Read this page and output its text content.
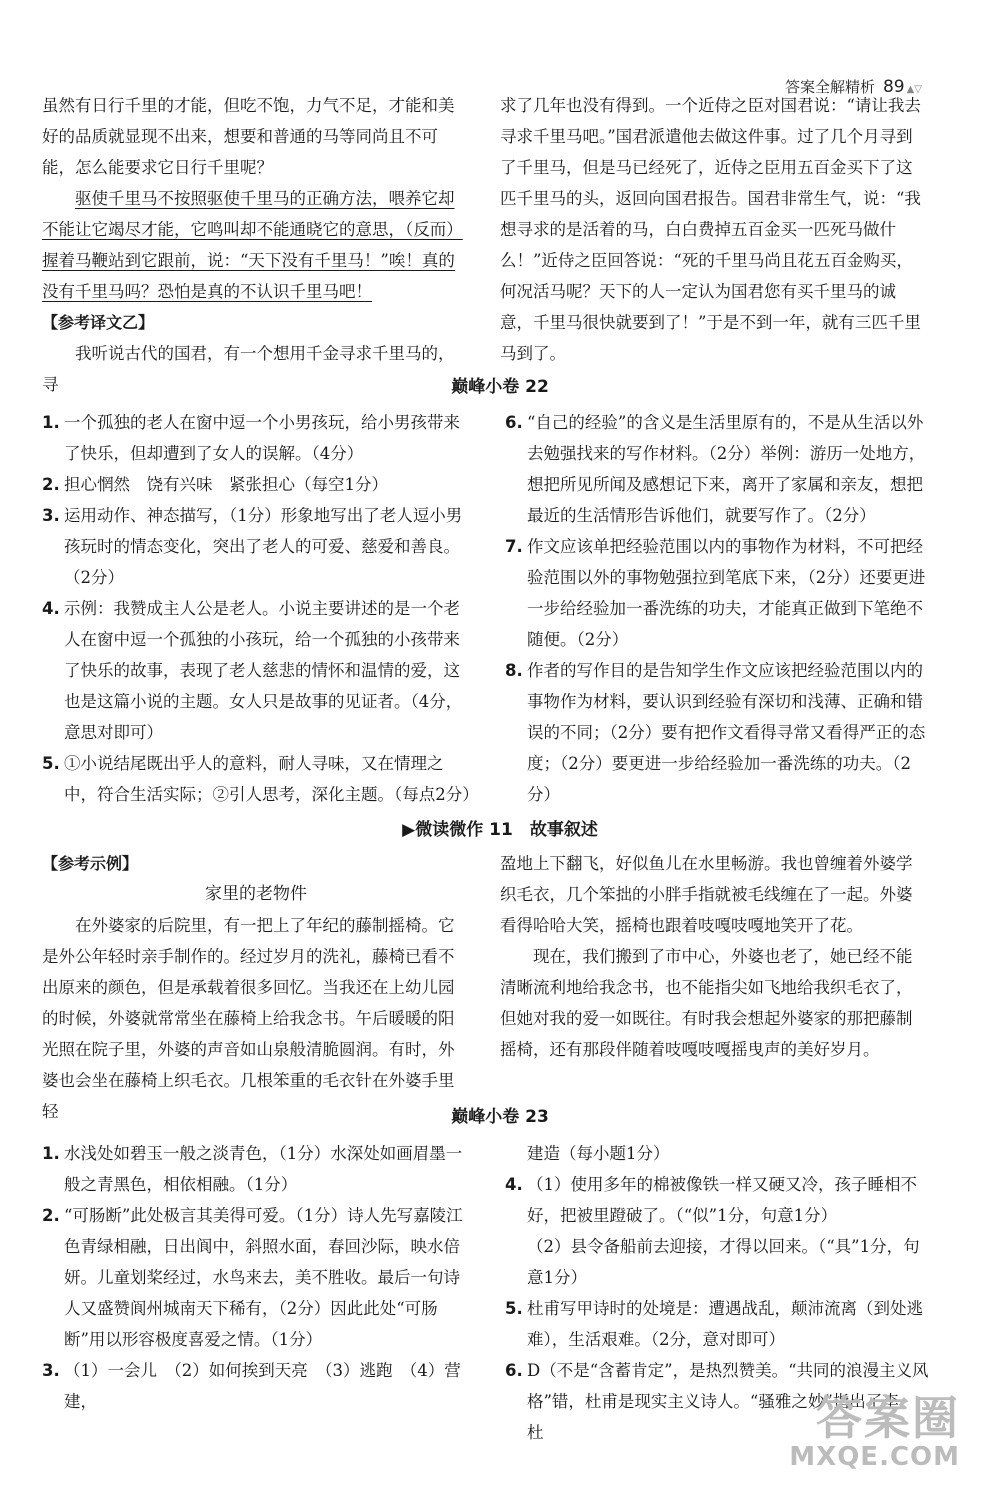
答案全解精析 89 ▲▽

虽然有日行千里的才能，但吃不饱，力气不足，才能和美好的品质就显现不出来，想要和普通的马等同尚且不可能，怎么能要求它日行千里呢？

驱使千里马不按照驱使千里马的正确方法，喂养它却不能让它竭尽才能，它鸣叫却不能通晓它的意思，（反而）握着马鞭站到它跟前，说：“天下没有千里马！”唉！真的没有千里马吗？恐怕是真的不认识千里马吧！

【参考译文乙】

我听说古代的国君，有一个想用千金寻求千里马的，寻

求了几年也没有得到。一个近侍之臣对国君说：“请让我去寻求千里马吧。”国君派遣他去做这件事。过了几个月寻到了千里马，但是马已经死了，近侍之臣用五百金买下了这匹千里马的头，返回向国君报告。国君非常生气，说：“我想寻求的是活着的马，白白费掉五百金买一匹死马做什么！”近侍之臣回答说：“死的千里马尚且花五百金购买，何况活马呢？天下的人一定认为国君您有买千里马的诚意，千里马很快就要到了！”于是不到一年，就有三匹千里马到了。

巅峰小卷 22
1. 一个孤独的老人在窗中逗一个小男孩玩，给小男孩带来了快乐，但却遭到了女人的误解。（4分）
2. 担心惘然　饶有兴味　紧张担心（每空1分）
3. 运用动作、神态描写，（1分）形象地写出了老人逗小男孩玩时的情态变化，突出了老人的可爱、慈爱和善良。（2分）
4. 示例：我赞成主人公是老人。小说主要讲述的是一个老人在窗中逗一个孤独的小孩玩，给一个孤独的小孩带来了快乐的故事，表现了老人慈悲的情怀和温情的爱，这也是这篇小说的主题。女人只是故事的见证者。（4分，意思对即可）
5. ①小说结尾既出乎人的意料，耐人寻味，又在情理之中，符合生活实际；②引人思考，深化主题。（每点2分）
6. “自己的经验”的含义是生活里原有的，不是从生活以外去勉强找来的写作材料。（2分）举例：游历一处地方，想把所见所闻及感想记下来，离开了家属和亲友，想把最近的生活情形告诉他们，就要写作了。（2分）
7. 作文应该单把经验范围以内的事物作为材料，不可把经验范围以外的事物勉强拉到笔底下来，（2分）还要更进一步给经验加一番洗练的功夫，才能真正做到下笔绝不随便。（2分）
8. 作者的写作目的是告知学生作文应该把经验范围以内的事物作为材料，要认识到经验有深切和浅薄、正确和错误的不同；（2分）要有把作文看得寻常又看得严正的态度；（2分）要更进一步给经验加一番洗练的功夫。（2分）
▶微读微作 11　故事叙述

【参考示例】

家里的老物件

在外婆家的后院里，有一把上了年纪的藤制摇椅。它是外公年轻时亲手制作的。经过岁月的洗礼，藤椅已看不出原来的颜色，但是承载着很多回忆。当我还在上幼儿园的时候，外婆就常常坐在藤椅上给我念书。午后暖暖的阳光照在院子里，外婆的声音如山泉般清脆圆润。有时，外婆也会坐在藤椅上织毛衣。几根笨重的毛衣针在外婆手里轻

盈地上下翻飞，好似鱼儿在水里畅游。我也曾缠着外婆学织毛衣，几个笨拙的小胖手指就被毛线缠在了一起。外婆看得哈哈大笑，摇椅也跟着吱嘎吱嘎地笑开了花。

现在，我们搬到了市中心，外婆也老了，她已经不能清晰流利地给我念书，也不能指尖如飞地给我织毛衣了，但她对我的爱一如既往。有时我会想起外婆家的那把藤制摇椅，还有那段伴随着吱嘎吱嘎摇曳声的美好岁月。

巅峰小卷 23
1. 水浅处如碧玉一般之淡青色，（1分）水深处如画眉墨一般之青黑色，相依相融。（1分）
2. “可肠断”此处极言其美得可爱。（1分）诗人先写嘉陵江色青绿相融，日出阆中，斜照水面，春回沙际，映水倍妍。儿童划桨经过，水鸟来去，美不胜收。最后一句诗人又盛赞阆州城南天下稀有，（2分）因此此处“可肠断”用以形容极度喜爱之情。（1分）
3. （1）一会儿　（2）如何挨到天亮　（3）逃跑　（4）营建，
建造（每小题1分）
4. （1）使用多年的棉被像铁一样又硬又冷，孩子睡相不好，把被里蹬破了。（“似”1分，句意1分）
（2）县令备船前去迎接，才得以回来。（“具”1分，句意1分）
5. 杜甫写甲诗时的处境是：遭遇战乱，颠沛流离（到处逃难），生活艰难。（2分，意对即可）
6. D（不是“含蓄肯定”，是热烈赞美。“共同的浪漫主义风格”错，杜甫是现实主义诗人。“骚雅之妙”指出了李、杜	答案圈
MXQE.COM
